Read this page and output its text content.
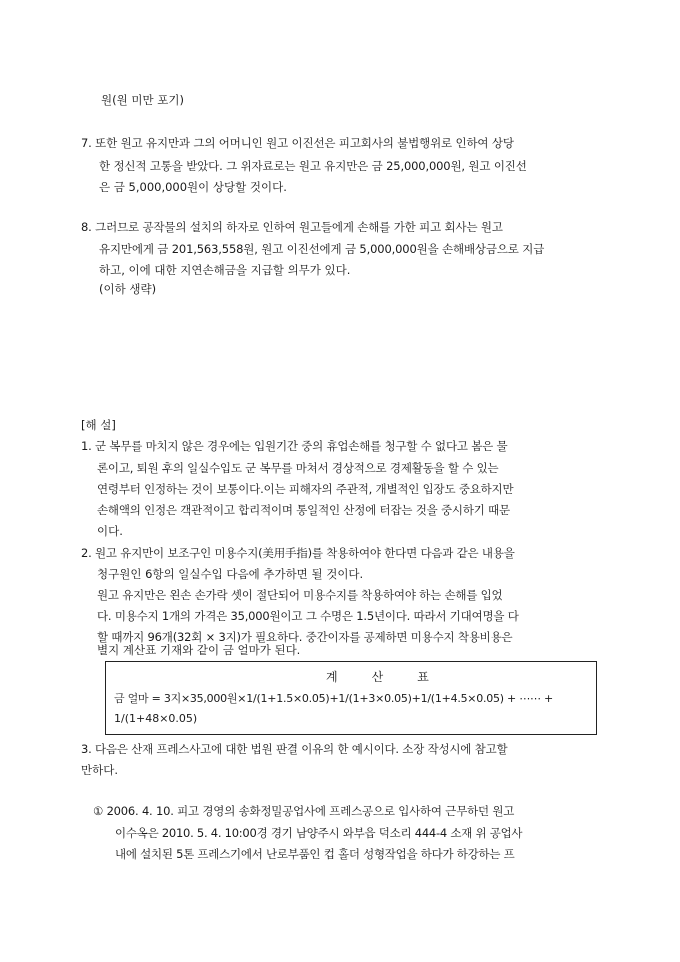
원(원 미만 포기)
7. 또한 원고 유지만과 그의 어머니인 원고 이진선은 피고회사의 불법행위로 인하여 상당
한 정신적 고통을 받았다. 그 위자료로는 원고 유지만은 금 25,000,000원, 원고 이진선
은 금 5,000,000원이 상당할 것이다.
8. 그러므로 공작물의 설치의 하자로 인하여 원고들에게 손해를 가한 피고 회사는 원고
유지만에게 금 201,563,558원, 원고 이진선에게 금 5,000,000원을 손해배상금으로 지급
하고, 이에 대한 지연손해금을 지급할 의무가 있다.
(이하 생략)
[해 설]
1. 군 복무를 마치지 않은 경우에는 입원기간 중의 휴업손해를 청구할 수 없다고 봄은 물
론이고, 퇴원 후의 일실수입도 군 복무를 마쳐서 경상적으로 경제활동을 할 수 있는
연령부터 인정하는 것이 보통이다.이는 피해자의 주관적, 개별적인 입장도 중요하지만
손해액의 인정은 객관적이고 합리적이며 통일적인 산정에 터잡는 것을 중시하기 때문
이다.
2. 원고 유지만이 보조구인 미용수지(美用手指)를 착용하여야 한다면 다음과 같은 내용을
청구원인 6항의 일실수입 다음에 추가하면 될 것이다.
원고 유지만은 왼손 손가락 셋이 절단되어 미용수지를 착용하여야 하는 손해를 입었
다. 미용수지 1개의 가격은 35,000원이고 그 수명은 1.5년이다. 따라서 기대여명을 다
할 때까지 96개(32회 × 3지)가 필요하다. 중간이자를 공제하면 미용수지 착용비용은
별지 계산표 기재와 같이 금 얼마가 된다.
계	산	표
금 얼마 = 3지×35,000원×1/(1+1.5×0.05)+1/(1+3×0.05)+1/(1+4.5×0.05) + ⋯⋯ +
1/(1+48×0.05)
3. 다음은 산재 프레스사고에 대한 법원 판결 이유의 한 예시이다. 소장 작성시에 참고할
만하다.
① 2006. 4. 10. 피고 경영의 송화정밀공업사에 프레스공으로 입사하여 근무하던 원고
이수옥은 2010. 5. 4. 10:00경 경기 남양주시 와부읍 덕소리 444-4 소재 위 공업사
내에 설치된 5톤 프레스기에서 난로부품인 컵 홀더 성형작업을 하다가 하강하는 프
